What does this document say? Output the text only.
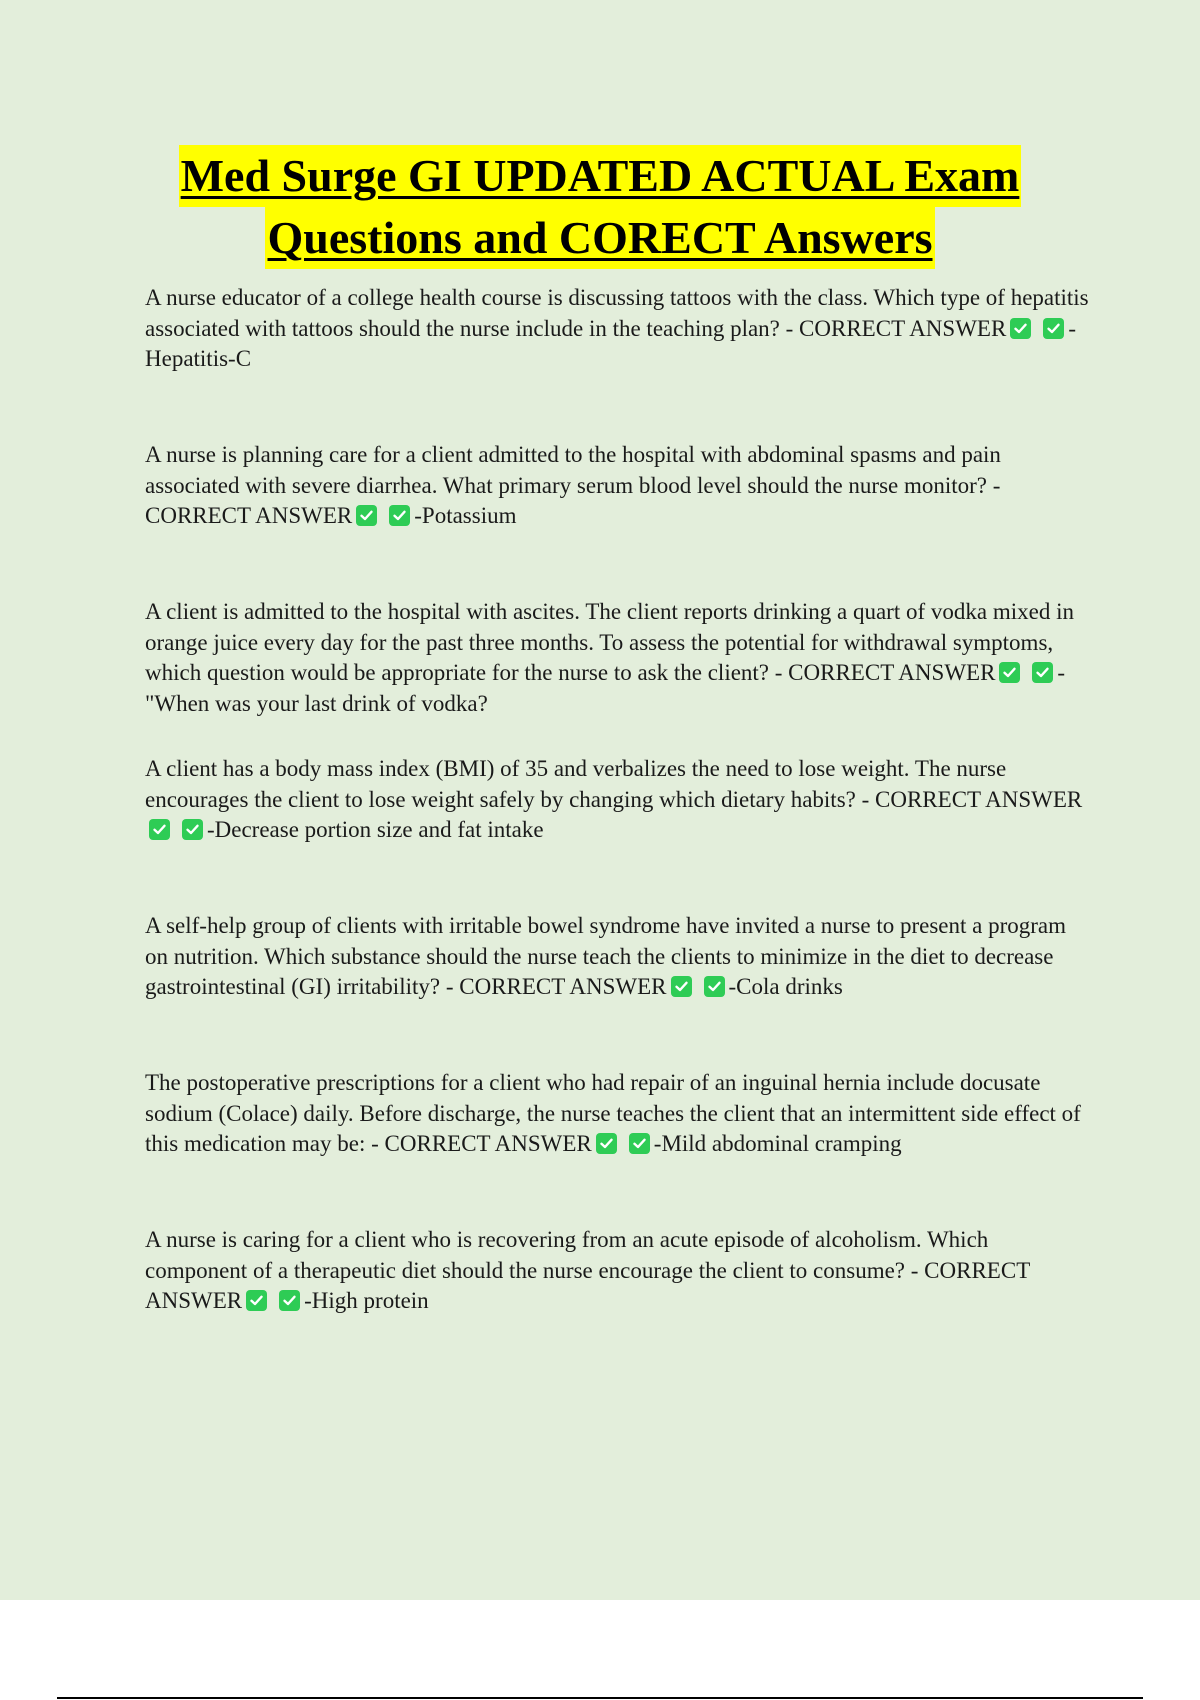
Med Surge GI UPDATED ACTUAL Exam
Questions and CORECT Answers
A nurse educator of a college health course is discussing tattoos with the class. Which type of hepatitis associated with tattoos should the nurse include in the teaching plan? - CORRECT ANSWER	-Hepatitis-C
A nurse is planning care for a client admitted to the hospital with abdominal spasms and pain associated with severe diarrhea. What primary serum blood level should the nurse monitor? - CORRECT ANSWER	-Potassium
A client is admitted to the hospital with ascites. The client reports drinking a quart of vodka mixed in orange juice every day for the past three months. To assess the potential for withdrawal symptoms, which question would be appropriate for the nurse to ask the client? - CORRECT ANSWER	-"When was your last drink of vodka?
A client has a body mass index (BMI) of 35 and verbalizes the need to lose weight. The nurse encourages the client to lose weight safely by changing which dietary habits? - CORRECT ANSWER
-Decrease portion size and fat intake
A self-help group of clients with irritable bowel syndrome have invited a nurse to present a program on nutrition. Which substance should the nurse teach the clients to minimize in the diet to decrease gastrointestinal (GI) irritability? - CORRECT ANSWER	-Cola drinks
The postoperative prescriptions for a client who had repair of an inguinal hernia include docusate sodium (Colace) daily. Before discharge, the nurse teaches the client that an intermittent side effect of this medication may be: - CORRECT ANSWER	-Mild abdominal cramping
A nurse is caring for a client who is recovering from an acute episode of alcoholism. Which component of a therapeutic diet should the nurse encourage the client to consume? - CORRECT ANSWER	-High protein
